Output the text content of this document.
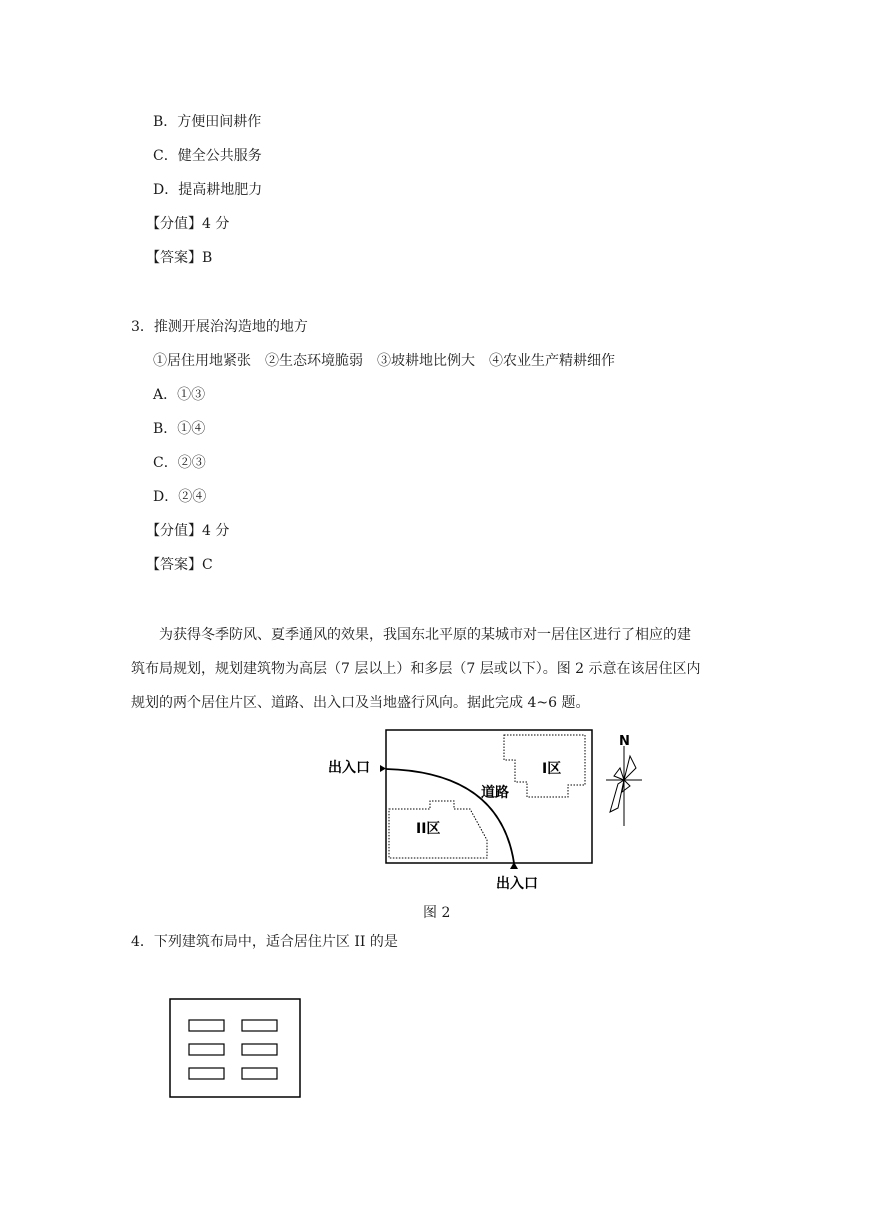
B．方便田间耕作
C．健全公共服务
D．提高耕地肥力
【分值】4 分
【答案】B
3．推测开展治沟造地的地方
①居住用地紧张　②生态环境脆弱　③坡耕地比例大　④农业生产精耕细作
A．①③
B．①④
C．②③
D．②④
【分值】4 分
【答案】C
为获得冬季防风、夏季通风的效果，我国东北平原的某城市对一居住区进行了相应的建
筑布局规划，规划建筑物为高层（7 层以上）和多层（7 层或以下）。图 2 示意在该居住区内
规划的两个居住片区、道路、出入口及当地盛行风向。据此完成 4~6 题。
出入口
出入口
道路
I区
II区
N
图 2
4．下列建筑布局中，适合居住片区 II 的是
